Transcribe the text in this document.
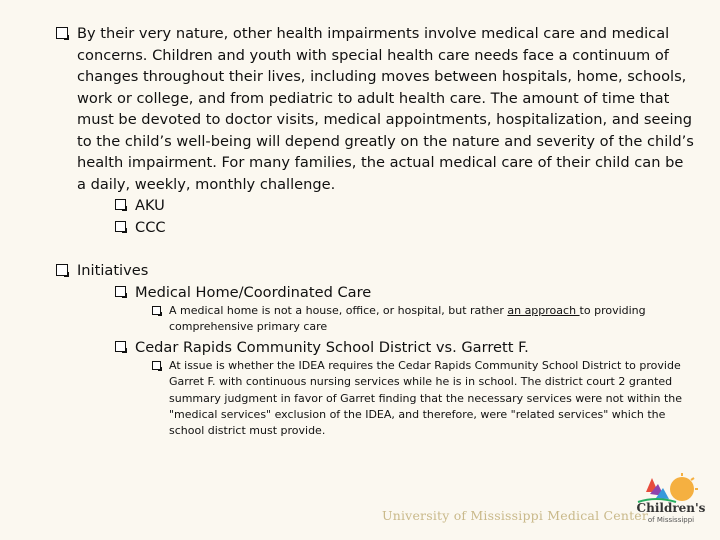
By their very nature, other health impairments involve medical care and medical concerns. Children and youth with special health care needs face a continuum of changes throughout their lives, including moves between hospitals, home, schools, work or college, and from pediatric to adult health care. The amount of time that must be devoted to doctor visits, medical appointments, hospitalization, and seeing to the child’s well-being will depend greatly on the nature and severity of the child’s health impairment. For many families, the actual medical care of their child can be a daily, weekly, monthly challenge.
AKU
CCC
Initiatives
Medical Home/Coordinated Care
A medical home is not a house, office, or hospital, but rather an approach to providing comprehensive primary care
Cedar Rapids Community School District vs. Garrett F.
At issue is whether the IDEA requires the Cedar Rapids Community School District to provide Garret F. with continuous nursing services while he is in school. The district court 2 granted summary judgment in favor of Garret finding that the necessary services were not within the "medical services" exclusion of the IDEA, and therefore, were "related services" which the school district must provide.
University of Mississippi Medical Center
Children's
of Mississippi
